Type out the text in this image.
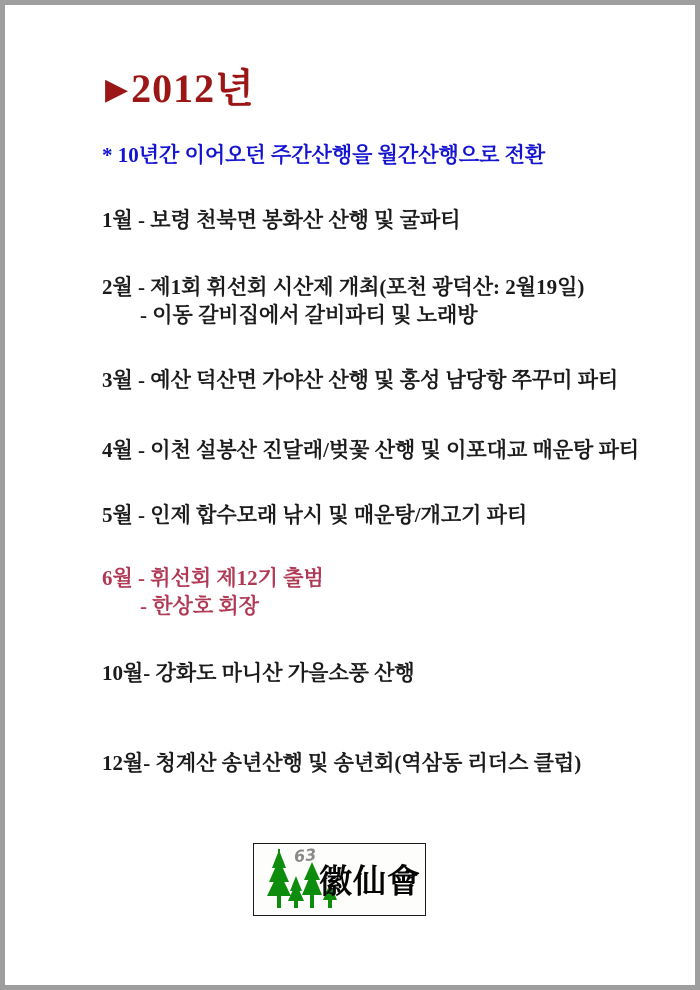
▶2012년
* 10년간 이어오던 주간산행을 월간산행으로 전환
1월 - 보령 천북면 봉화산 산행 및 굴파티
2월 - 제1회 휘선회 시산제 개최(포천 광덕산: 2월19일)
- 이동 갈비집에서 갈비파티 및 노래방
3월 - 예산 덕산면 가야산 산행 및 홍성 남당항 쭈꾸미 파티
4월 - 이천 설봉산 진달래/벚꽃 산행 및 이포대교 매운탕 파티
5월 - 인제 합수모래 낚시 및 매운탕/개고기 파티
6월 - 휘선회 제12기 출범
- 한상호 회장
10월- 강화도 마니산 가을소풍 산행
12월- 청계산 송년산행 및 송년회(역삼동 리더스 클럽)
63
徽仙會
